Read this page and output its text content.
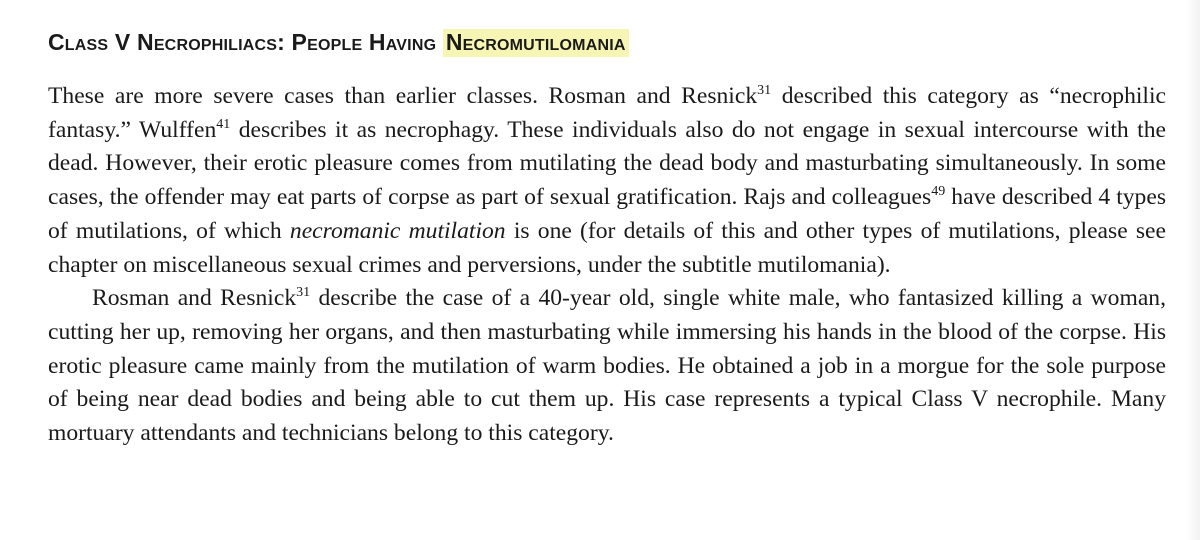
Class V Necrophiliacs: People Having Necromutilomania

These are more severe cases than earlier classes. Rosman and Resnick$^{31}$ described this category as “necrophilic fantasy.” Wulffen$^{41}$ describes it as necrophagy. These individuals also do not engage in sexual intercourse with the dead. However, their erotic pleasure comes from mutilating the dead body and masturbating simultaneously. In some cases, the offender may eat parts of corpse as part of sexual gratification. Rajs and colleagues$^{49}$ have described 4 types of mutilations, of which necromanic mutilation is one (for details of this and other types of mutilations, please see chapter on miscellaneous sexual crimes and perversions, under the subtitle mutilomania).

Rosman and Resnick$^{31}$ describe the case of a 40-year old, single white male, who fantasized killing a woman, cutting her up, removing her organs, and then masturbating while immersing his hands in the blood of the corpse. His erotic pleasure came mainly from the mutilation of warm bodies. He obtained a job in a morgue for the sole purpose of being near dead bodies and being able to cut them up. His case represents a typical Class V necrophile. Many mortuary attendants and technicians belong to this category.
